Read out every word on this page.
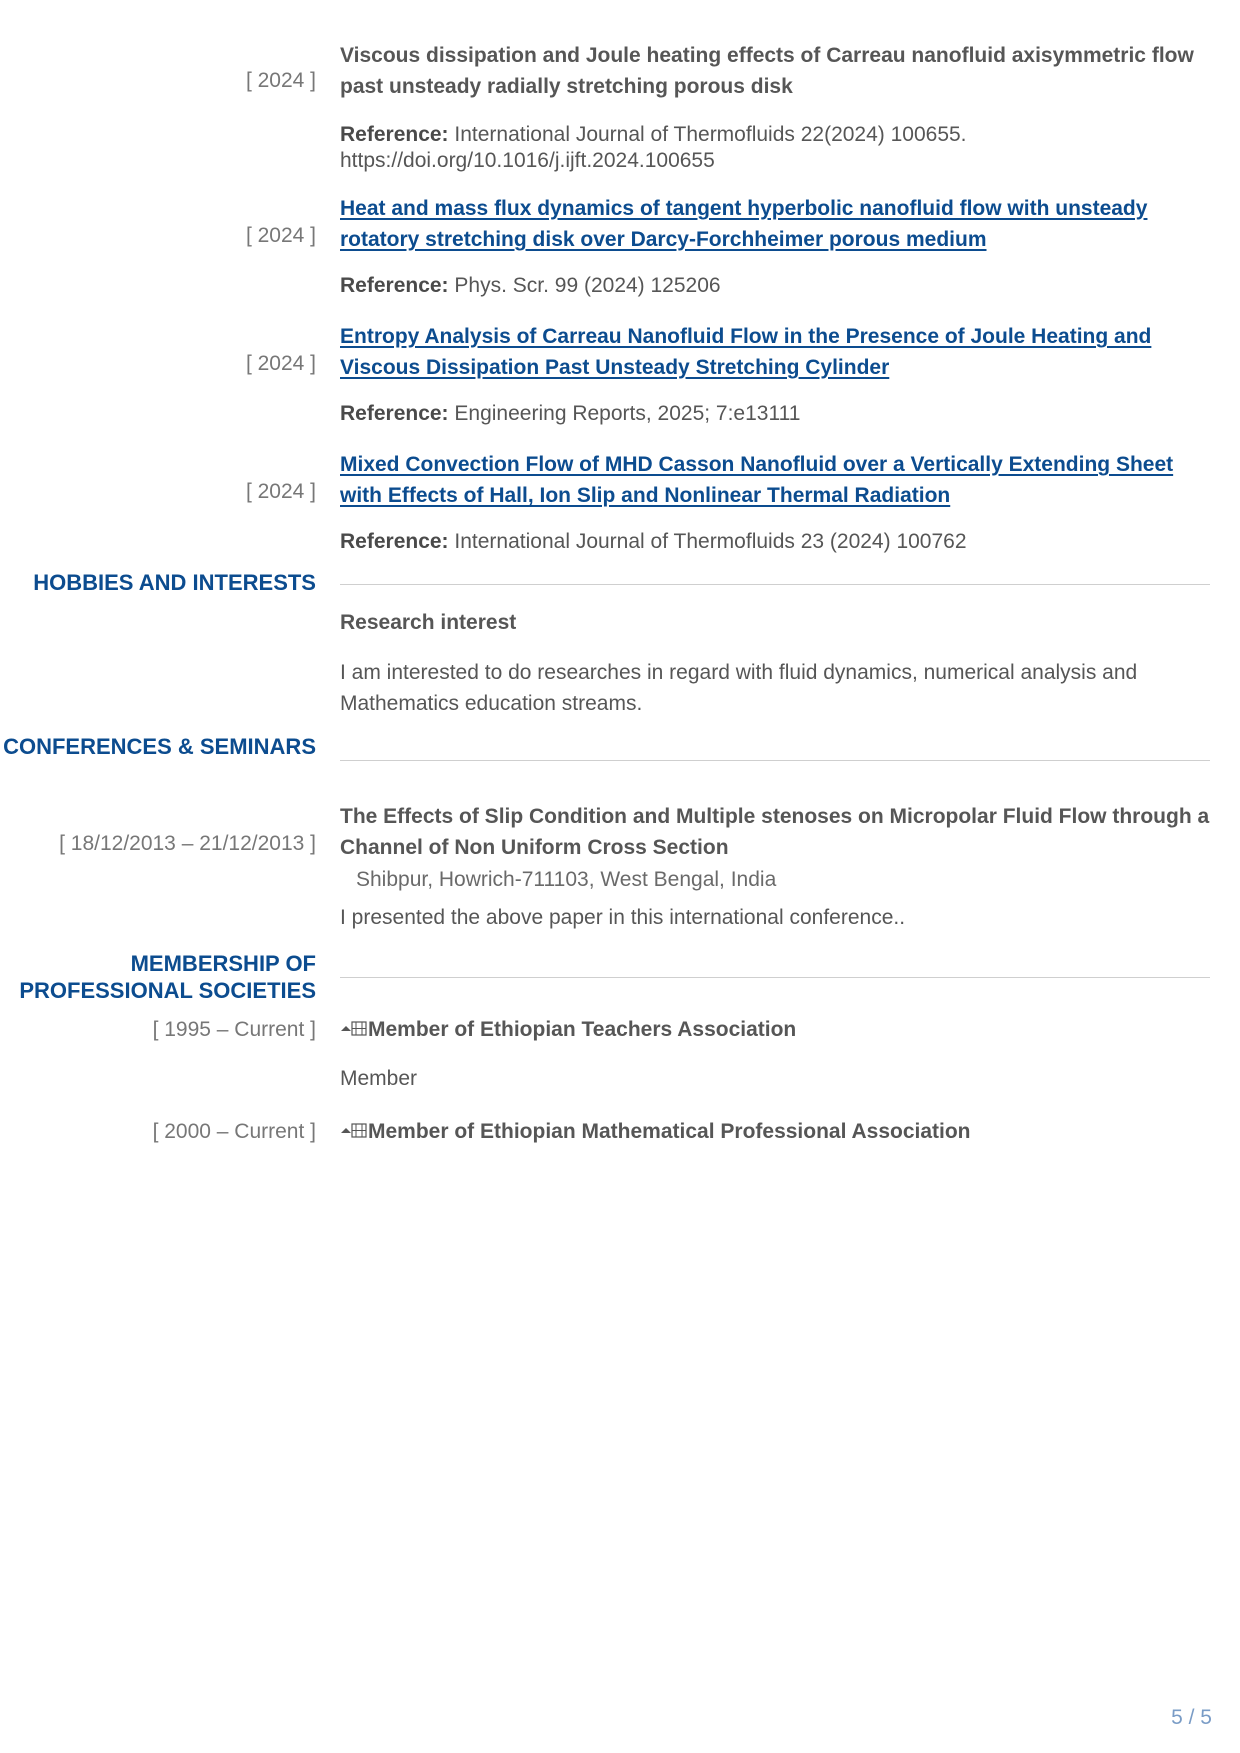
[ 2024 ]
Viscous dissipation and Joule heating effects of Carreau nanofluid axisymmetric flow past unsteady radially stretching porous disk
Reference: International Journal of Thermofluids 22(2024) 100655. https://doi.org/10.1016/j.ijft.2024.100655
[ 2024 ]
Heat and mass flux dynamics of tangent hyperbolic nanofluid flow with unsteady rotatory stretching disk over Darcy-Forchheimer porous medium
Reference: Phys. Scr. 99 (2024) 125206
[ 2024 ]
Entropy Analysis of Carreau Nanofluid Flow in the Presence of Joule Heating and Viscous Dissipation Past Unsteady Stretching Cylinder
Reference: Engineering Reports, 2025; 7:e13111
[ 2024 ]
Mixed Convection Flow of MHD Casson Nanofluid over a Vertically Extending Sheet with Effects of Hall, Ion Slip and Nonlinear Thermal Radiation
Reference: International Journal of Thermofluids 23 (2024) 100762
HOBBIES AND INTERESTS
Research interest
I am interested to do researches in regard with fluid dynamics, numerical analysis and Mathematics education streams.
CONFERENCES & SEMINARS
[ 18/12/2013 – 21/12/2013 ]
The Effects of Slip Condition and Multiple stenoses on Micropolar Fluid Flow through a Channel of Non Uniform Cross Section
Shibpur, Howrich-711103, West Bengal, India
I presented the above paper in this international conference..
MEMBERSHIP OF PROFESSIONAL SOCIETIES
[ 1995 – Current ]	Member of Ethiopian Teachers Association
Member
[ 2000 – Current ]	Member of Ethiopian Mathematical Professional Association
5 / 5
